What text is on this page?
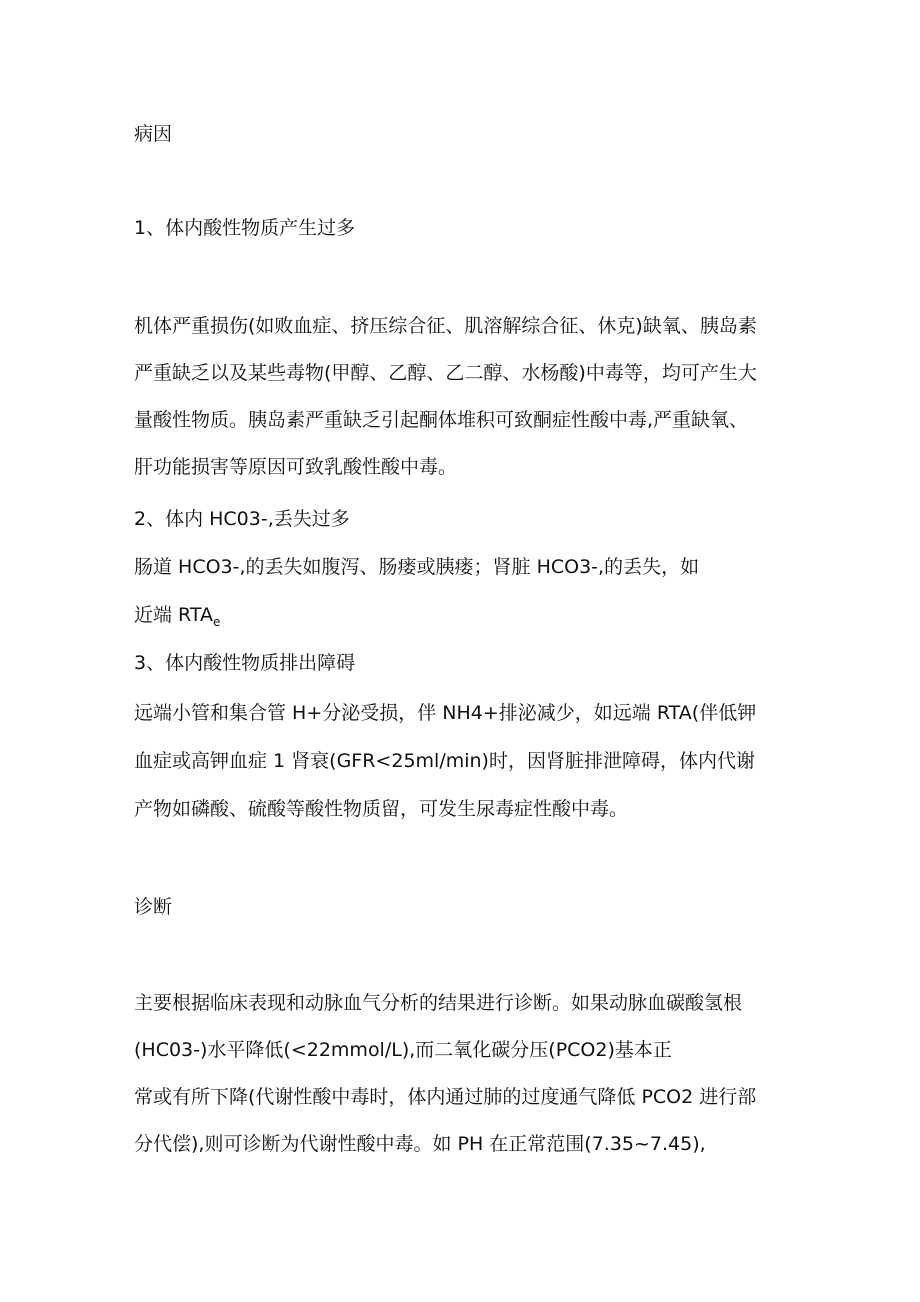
病因

1、体内酸性物质产生过多

机体严重损伤(如败血症、挤压综合征、肌溶解综合征、休克)缺氧、胰岛素

严重缺乏以及某些毒物(甲醇、乙醇、乙二醇、水杨酸)中毒等，均可产生大

量酸性物质。胰岛素严重缺乏引起酮体堆积可致酮症性酸中毒,严重缺氧、

肝功能损害等原因可致乳酸性酸中毒。

2、体内 HC03-,丢失过多

肠道 HCO3-,的丢失如腹泻、肠瘘或胰瘘；肾脏 HCO3-,的丢失，如

近端 $RTA_e$

3、体内酸性物质排出障碍

远端小管和集合管 H+分泌受损，伴 NH4+排泌减少，如远端 RTA(伴低钾

血症或高钾血症 1 肾衰(GFR<25ml∕min)时，因肾脏排泄障碍，体内代谢

产物如磷酸、硫酸等酸性物质留，可发生尿毒症性酸中毒。

诊断

主要根据临床表现和动脉血气分析的结果进行诊断。如果动脉血碳酸氢根

(HC03-)水平降低(<22mmol∕L),而二氧化碳分压(PCO2)基本正

常或有所下降(代谢性酸中毒时，体内通过肺的过度通气降低 PCO2 进行部

分代偿),则可诊断为代谢性酸中毒。如 PH 在正常范围(7.35~7.45),
